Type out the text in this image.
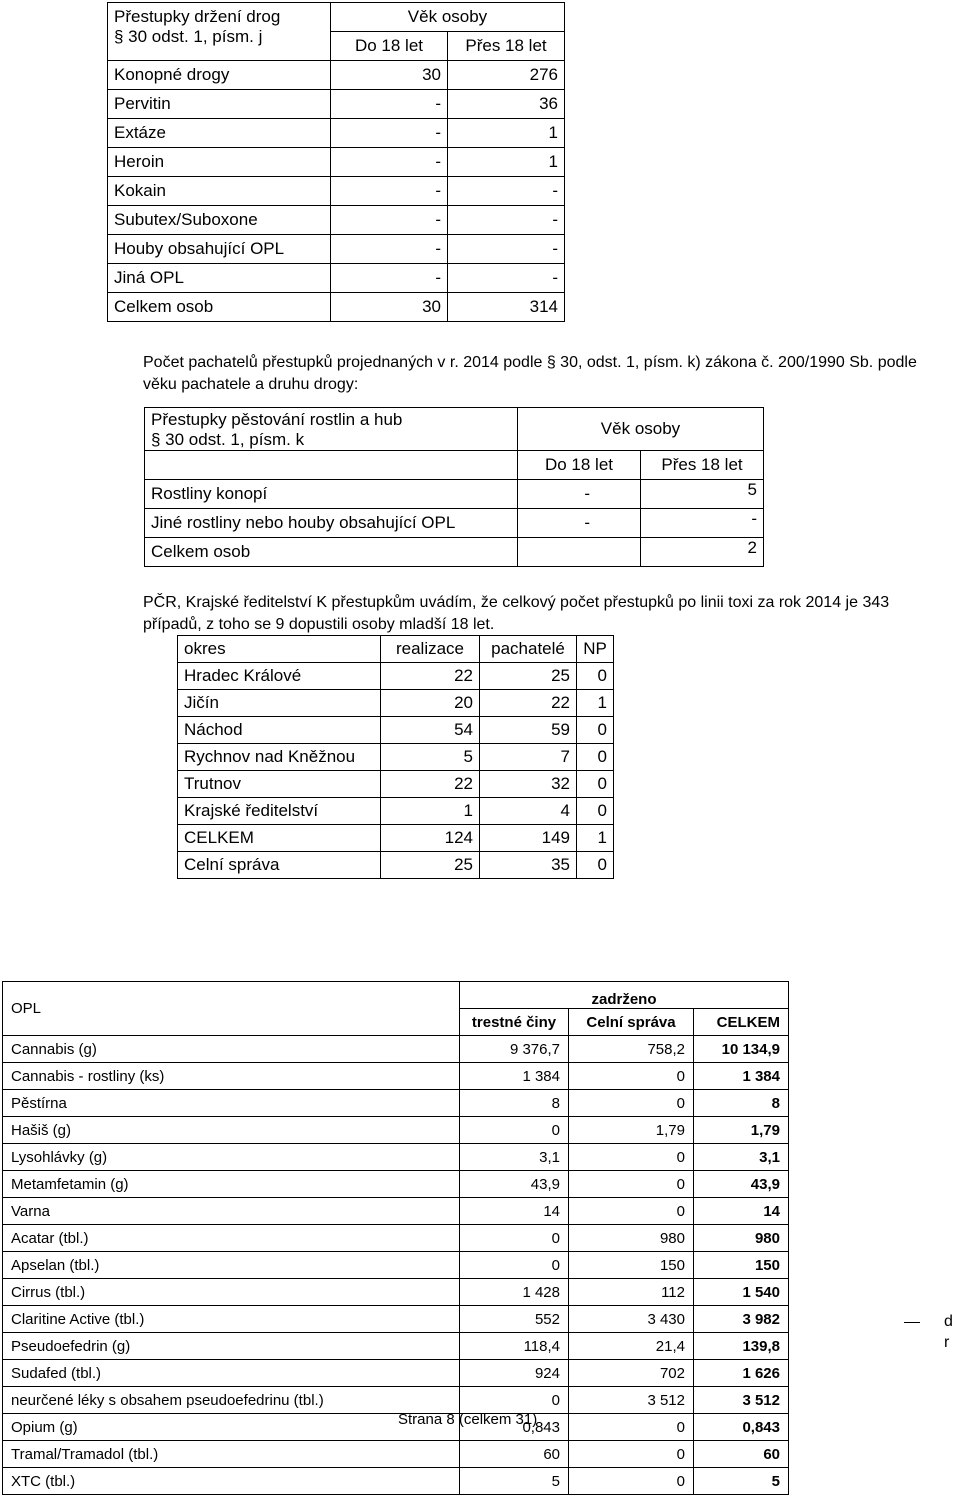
Přestupky držení drog
§ 30 odst. 1, písm. j	Věk osoby	
	Do 18 let	Přes 18 let
Konopné drogy	30	276
Pervitin	-	36
Extáze	-	1
Heroin	-	1
Kokain	-	-
Subutex/Suboxone	-	-
Houby obsahující OPL	-	-
Jiná OPL	-	-
Celkem osob	30	314
Počet pachatelů přestupků projednaných v r. 2014 podle § 30, odst. 1, písm. k) zákona č. 200/1990 Sb. podle věku pachatele a druhu drogy:
Přestupky pěstování rostlin a hub
§ 30 odst. 1, písm. k	Věk osoby	
	Do 18 let	Přes 18 let
Rostliny konopí	-	5
Jiné rostliny nebo houby obsahující OPL	-	-
Celkem osob		2
PČR, Krajské ředitelství K přestupkům uvádím, že celkový počet přestupků po linii toxi za rok 2014 je 343 případů, z toho se 9 dopustili osoby mladší 18 let.
okres	realizace	pachatelé	NP
Hradec Králové	22	25	0
Jičín	20	22	1
Náchod	54	59	0
Rychnov nad Kněžnou	5	7	0
Trutnov	22	32	0
Krajské ředitelství	1	4	0
CELKEM	124	149	1
Celní správa	25	35	0
OPL	zadrženo		
	trestné činy	Celní správa	CELKEM
Cannabis (g)	9 376,7	758,2	10 134,9
Cannabis - rostliny (ks)	1 384	0	1 384
Pěstírna	8	0	8
Hašiš (g)	0	1,79	1,79
Lysohlávky (g)	3,1	0	3,1
Metamfetamin (g)	43,9	0	43,9
Varna	14	0	14
Acatar (tbl.)	0	980	980
Apselan (tbl.)	0	150	150
Cirrus (tbl.)	1 428	112	1 540
Claritine Active (tbl.)	552	3 430	3 982
Pseudoefedrin (g)	118,4	21,4	139,8
Sudafed (tbl.)	924	702	1 626
neurčené léky s obsahem pseudoefedrinu (tbl.)	0	3 512	3 512
Opium (g)	0,843	0	0,843
Tramal/Tramadol (tbl.)	60	0	60
XTC (tbl.)	5	0	5
Strana 8 (celkem 31)
d
r
